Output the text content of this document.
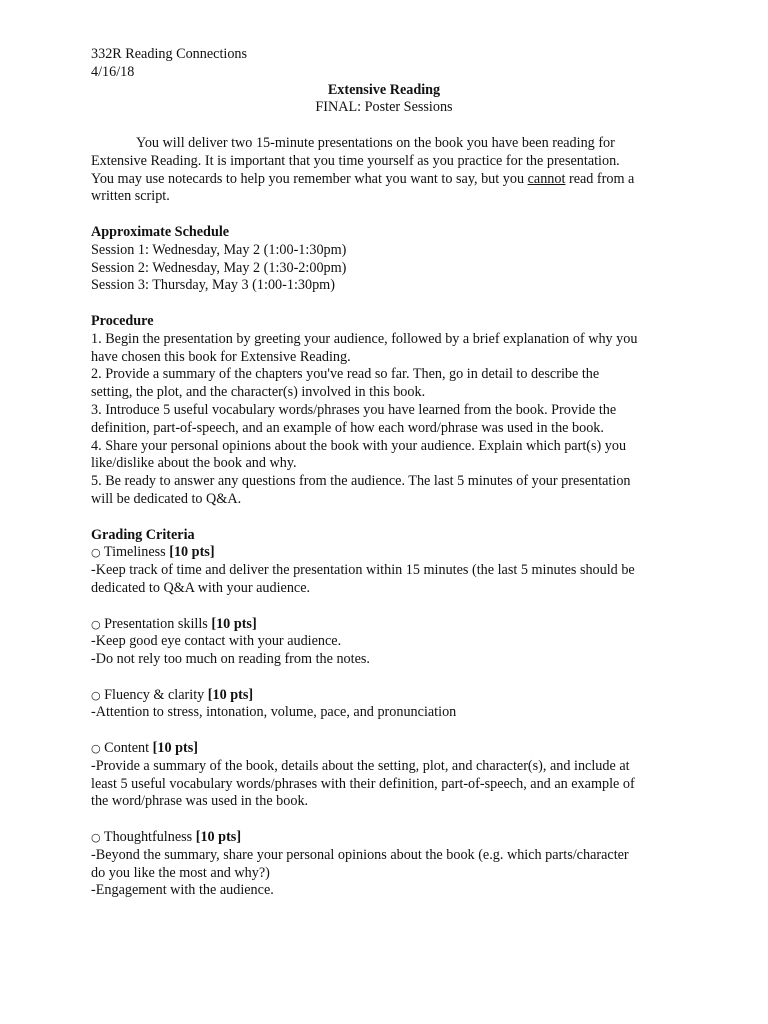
332R Reading Connections
4/16/18
Extensive Reading
FINAL: Poster Sessions
You will deliver two 15-minute presentations on the book you have been reading for
Extensive Reading. It is important that you time yourself as you practice for the presentation.
You may use notecards to help you remember what you want to say, but you cannot read from a
written script.
Approximate Schedule
Session 1: Wednesday, May 2 (1:00-1:30pm)
Session 2: Wednesday, May 2 (1:30-2:00pm)
Session 3: Thursday, May 3 (1:00-1:30pm)
Procedure
1. Begin the presentation by greeting your audience, followed by a brief explanation of why you
have chosen this book for Extensive Reading.
2. Provide a summary of the chapters you've read so far. Then, go in detail to describe the
setting, the plot, and the character(s) involved in this book.
3. Introduce 5 useful vocabulary words/phrases you have learned from the book. Provide the
definition, part-of-speech, and an example of how each word/phrase was used in the book.
4. Share your personal opinions about the book with your audience. Explain which part(s) you
like/dislike about the book and why.
5. Be ready to answer any questions from the audience. The last 5 minutes of your presentation
will be dedicated to Q&A.
Grading Criteria
○ Timeliness [10 pts]
-Keep track of time and deliver the presentation within 15 minutes (the last 5 minutes should be
dedicated to Q&A with your audience.
○ Presentation skills [10 pts]
-Keep good eye contact with your audience.
-Do not rely too much on reading from the notes.
○ Fluency & clarity [10 pts]
-Attention to stress, intonation, volume, pace, and pronunciation
○ Content [10 pts]
-Provide a summary of the book, details about the setting, plot, and character(s), and include at
least 5 useful vocabulary words/phrases with their definition, part-of-speech, and an example of
the word/phrase was used in the book.
○ Thoughtfulness [10 pts]
-Beyond the summary, share your personal opinions about the book (e.g. which parts/character
do you like the most and why?)
-Engagement with the audience.
